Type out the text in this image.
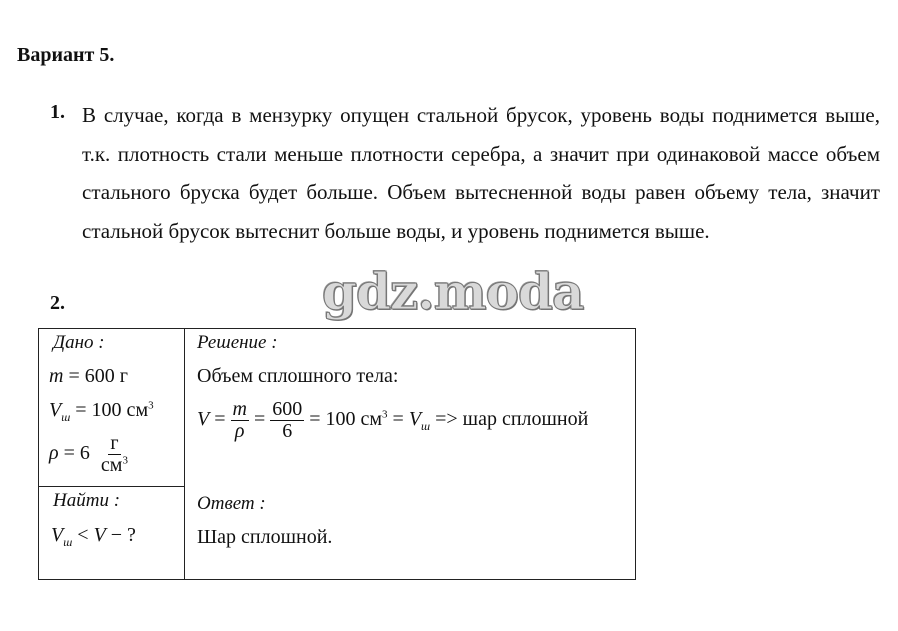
Вариант 5.
1. В случае, когда в мензурку опущен стальной брусок, уровень воды поднимется выше, т.к. плотность стали меньше плотности серебра, а значит при одинаковой массе объем стального бруска будет больше. Объем вытесненной воды равен объему тела, значит стальной брусок вытеснит больше воды, и уровень поднимется выше.
2.	gdz.moda
Дано :
m = 600 г
$V_ш = 100$ $см^3$
$\rho = 6 \frac{г}{см^3}$
Найти :
$V_ш < V$ − ?
Решение :
Объем сплошного тела:
$V = \frac{m}{\rho} = \frac{600}{6} = 100$ $см^3 = V_ш$ => шар сплошной
Ответ :
Шар сплошной.
